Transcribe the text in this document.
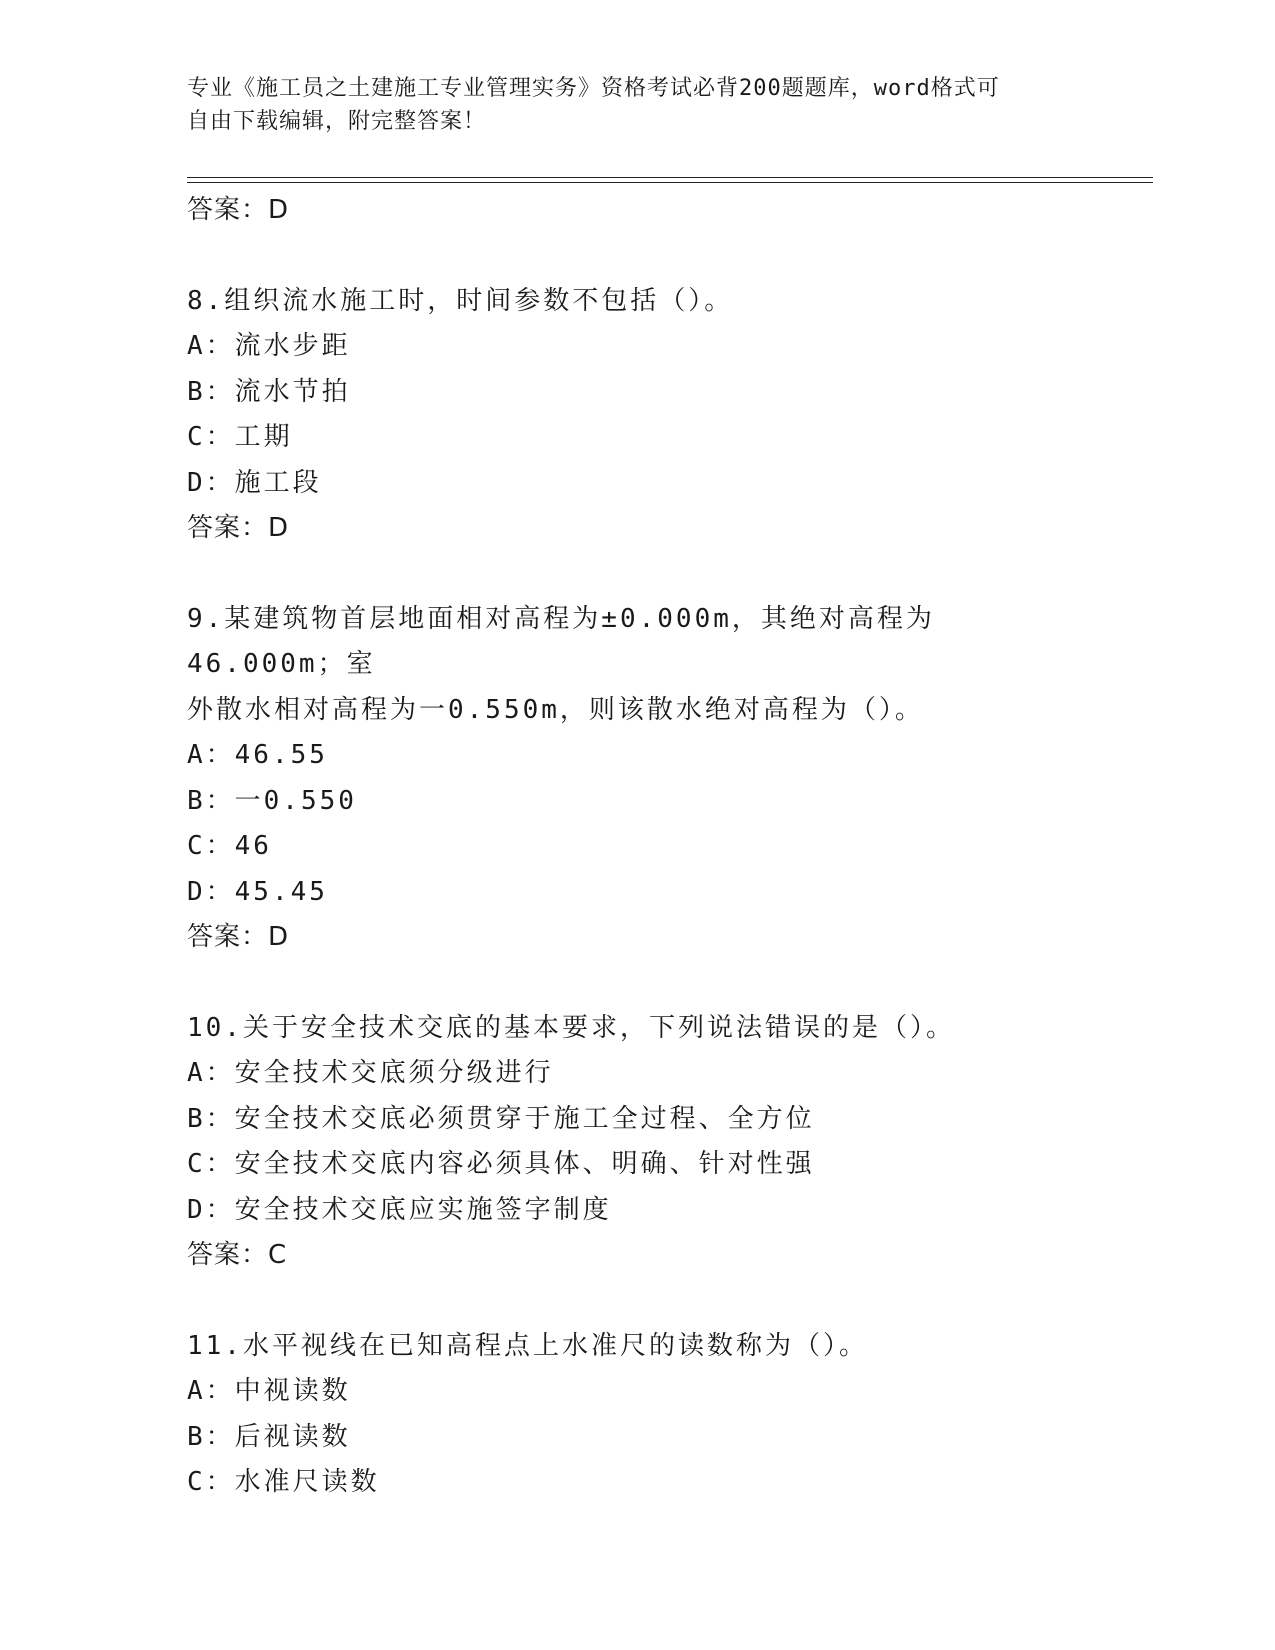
专业《施工员之土建施工专业管理实务》资格考试必背200题题库，word格式可
自由下载编辑，附完整答案！
答案：D
8.组织流水施工时，时间参数不包括（）。
A：流水步距
B：流水节拍
C：工期
D：施工段
答案：D
9.某建筑物首层地面相对高程为±0.000m，其绝对高程为46.000m；室
外散水相对高程为一0.550m，则该散水绝对高程为（）。
A：46.55
B：一0.550
C：46
D：45.45
答案：D
10.关于安全技术交底的基本要求，下列说法错误的是（）。
A：安全技术交底须分级进行
B：安全技术交底必须贯穿于施工全过程、全方位
C：安全技术交底内容必须具体、明确、针对性强
D：安全技术交底应实施签字制度
答案：C
11.水平视线在已知高程点上水准尺的读数称为（）。
A：中视读数
B：后视读数
C：水准尺读数
